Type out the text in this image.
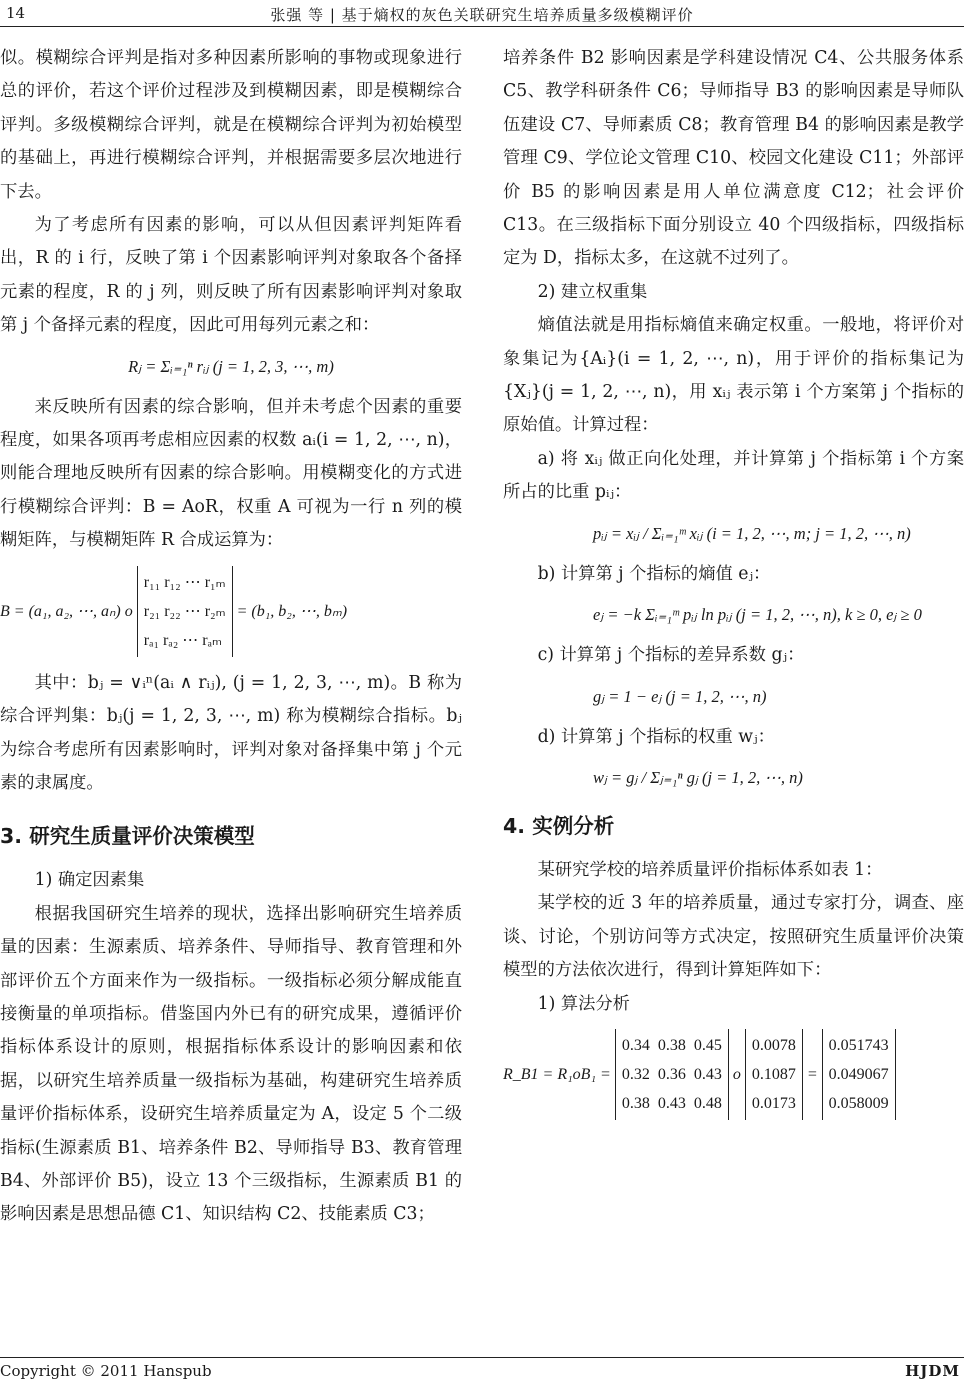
14	张强 等 | 基于熵权的灰色关联研究生培养质量多级模糊评价

似。模糊综合评判是指对多种因素所影响的事物或现象进行总的评价，若这个评价过程涉及到模糊因素，即是模糊综合评判。多级模糊综合评判，就是在模糊综合评判为初始模型的基础上，再进行模糊综合评判，并根据需要多层次地进行下去。

为了考虑所有因素的影响，可以从但因素评判矩阵看出，R 的 i 行，反映了第 i 个因素影响评判对象取各个备择元素的程度，R 的 j 列，则反映了所有因素影响评判对象取第 j 个备择元素的程度，因此可用每列元素之和：

Rⱼ = Σᵢ₌₁ⁿ rᵢⱼ (j = 1, 2, 3, ⋯, m)

来反映所有因素的综合影响，但并未考虑个因素的重要程度，如果各项再考虑相应因素的权数 aᵢ(i = 1, 2, ⋯, n)，则能合理地反映所有因素的综合影响。用模糊变化的方式进行模糊综合评判：B = AoR，权重 A 可视为一行 n 列的模糊矩阵，与模糊矩阵 R 合成运算为：

B = (a₁, a₂, ⋯, aₙ) o r₁₁ r₁₂ ⋯ r₁ₘ
r₂₁ r₂₂ ⋯ r₂ₘ
rₐ₁ rₐ₂ ⋯ rₐₘ = (b₁, b₂, ⋯, bₘ)

其中：bⱼ = ∨ᵢⁿ(aᵢ ∧ rᵢⱼ), (j = 1, 2, 3, ⋯, m)。B 称为综合评判集：bⱼ(j = 1, 2, 3, ⋯, m) 称为模糊综合指标。bⱼ 为综合考虑所有因素影响时，评判对象对备择集中第 j 个元素的隶属度。

3. 研究生质量评价决策模型

1) 确定因素集

根据我国研究生培养的现状，选择出影响研究生培养质量的因素：生源素质、培养条件、导师指导、教育管理和外部评价五个方面来作为一级指标。一级指标必须分解成能直接衡量的单项指标。借鉴国内外已有的研究成果，遵循评价指标体系设计的原则，根据指标体系设计的影响因素和依据，以研究生培养质量一级指标为基础，构建研究生培养质量评价指标体系，设研究生培养质量定为 A，设定 5 个二级指标(生源素质 B1、培养条件 B2、导师指导 B3、教育管理 B4、外部评价 B5)，设立 13 个三级指标，生源素质 B1 的影响因素是思想品德 C1、知识结构 C2、技能素质 C3；

培养条件 B2 影响因素是学科建设情况 C4、公共服务体系 C5、教学科研条件 C6；导师指导 B3 的影响因素是导师队伍建设 C7、导师素质 C8；教育管理 B4 的影响因素是教学管理 C9、学位论文管理 C10、校园文化建设 C11；外部评价 B5 的影响因素是用人单位满意度 C12；社会评价 C13。在三级指标下面分别设立 40 个四级指标，四级指标定为 D，指标太多，在这就不过列了。

2) 建立权重集

熵值法就是用指标熵值来确定权重。一般地，将评价对象集记为{Aᵢ}(i = 1, 2, ⋯, n)，用于评价的指标集记为{Xⱼ}(j = 1, 2, ⋯, n)，用 xᵢⱼ 表示第 i 个方案第 j 个指标的原始值。计算过程：

a) 将 xᵢⱼ 做正向化处理，并计算第 j 个指标第 i 个方案所占的比重 pᵢⱼ：

pᵢⱼ = xᵢⱼ / Σᵢ₌₁ᵐ xᵢⱼ (i = 1, 2, ⋯, m; j = 1, 2, ⋯, n)

b) 计算第 j 个指标的熵值 eⱼ：

eⱼ = −k Σᵢ₌₁ᵐ pᵢⱼ ln pᵢⱼ (j = 1, 2, ⋯, n), k ≥ 0, eⱼ ≥ 0

c) 计算第 j 个指标的差异系数 gⱼ：

gⱼ = 1 − eⱼ (j = 1, 2, ⋯, n)

d) 计算第 j 个指标的权重 wⱼ：

wⱼ = gⱼ / Σⱼ₌₁ⁿ gⱼ (j = 1, 2, ⋯, n)
4. 实例分析

某研究学校的培养质量评价指标体系如表 1：

某学校的近 3 年的培养质量，通过专家打分，调查、座谈、讨论，个别访问等方式决定，按照研究生质量评价决策模型的方法依次进行，得到计算矩阵如下：

1) 算法分析

R_B1 = R₁oB₁ = 0.34  0.38  0.45
0.32  0.36  0.43
0.38  0.43  0.48 o 0.0078
0.1087
0.0173 = 0.051743
0.049067
0.058009
Copyright © 2011 Hanspub	HJDM
